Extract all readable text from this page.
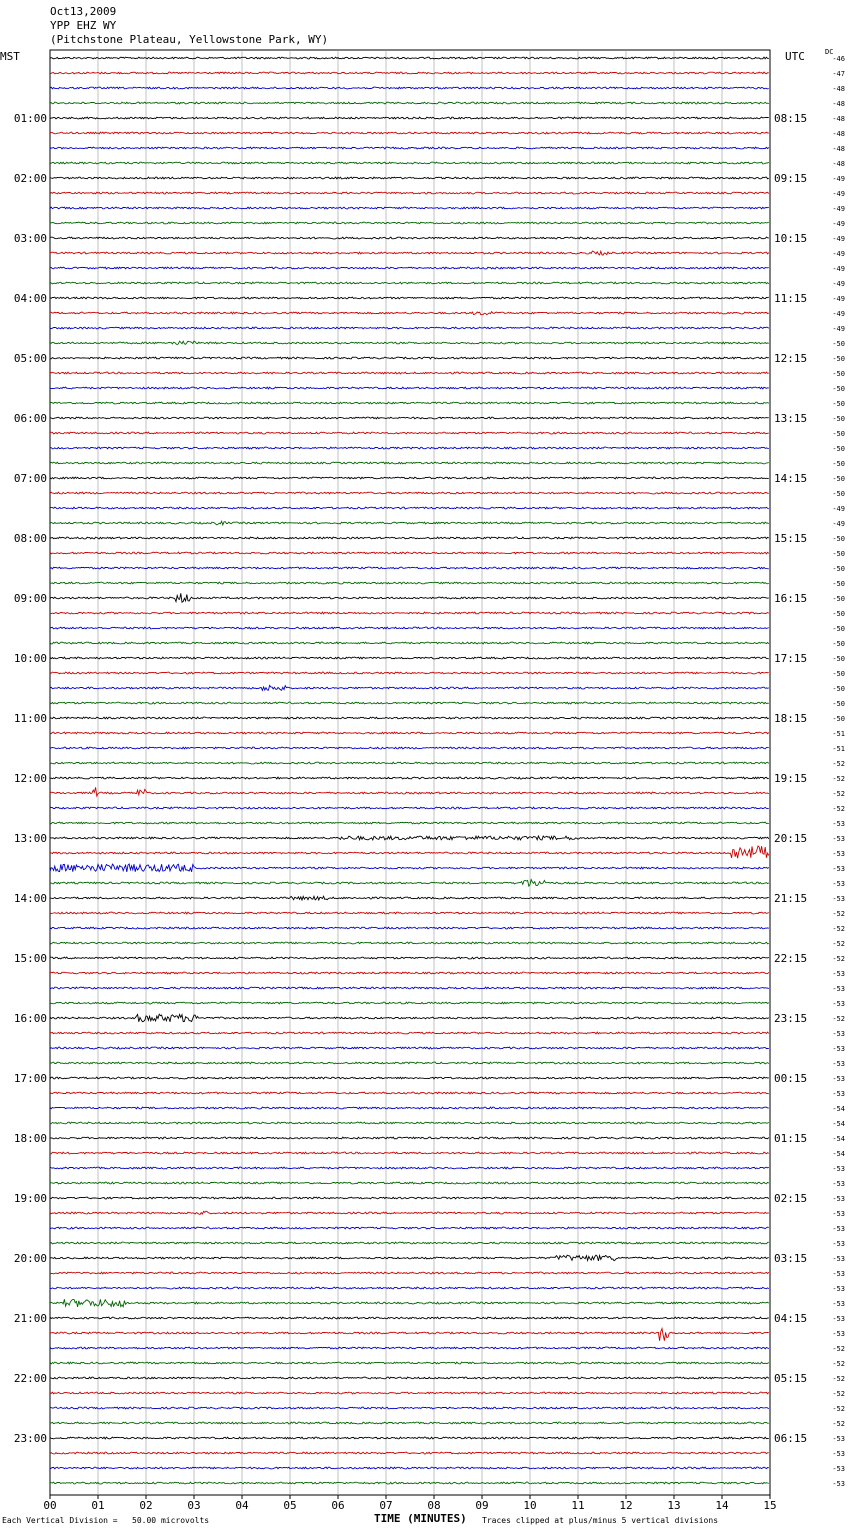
Oct13,2009
YPP EHZ WY
(Pitchstone Plateau, Yellowstone Park, WY)
MST	UTC	DC
00	01	02	03	04	05	06	07	08	09	10	11	12	13	14	15
-46
-47
-48
-48
-48
-48
-48
-48
-49
-49
-49
-49
-49
-49
-49
-49
-49
-49
-49
-50
-50
-50
-50
-50
-50
-50
-50
-50
-50
-50
-49
-49
-50
-50
-50
-50
-50
-50
-50
-50
-50
-50
-50
-50
-50
-51
-51
-52
-52
-52
-52
-53
-53
-53
-53
-53
-53
-52
-52
-52
-52
-53
-53
-53
-52
-53
-53
-53
-53
-53
-54
-54
-54
-54
-53
-53
-53
-53
-53
-53
-53
-53
-53
-53
-53
-53
-52
-52
-52
-52
-52
-52
-53
-53
-53
-53
01:00
02:00
03:00
04:00
05:00
06:00
07:00
08:00
09:00
10:00
11:00
12:00
13:00
14:00
15:00
16:00
17:00
18:00
19:00
20:00
21:00
22:00
23:00
08:15
09:15
10:15
11:15
12:15
13:15
14:15
15:15
16:15
17:15
18:15
19:15
20:15
21:15
22:15
23:15
00:15
01:15
02:15
03:15
04:15
05:15
06:15
Each Vertical Division =   50.00 microvolts	TIME (MINUTES) Traces clipped at plus/minus 5 vertical divisions
